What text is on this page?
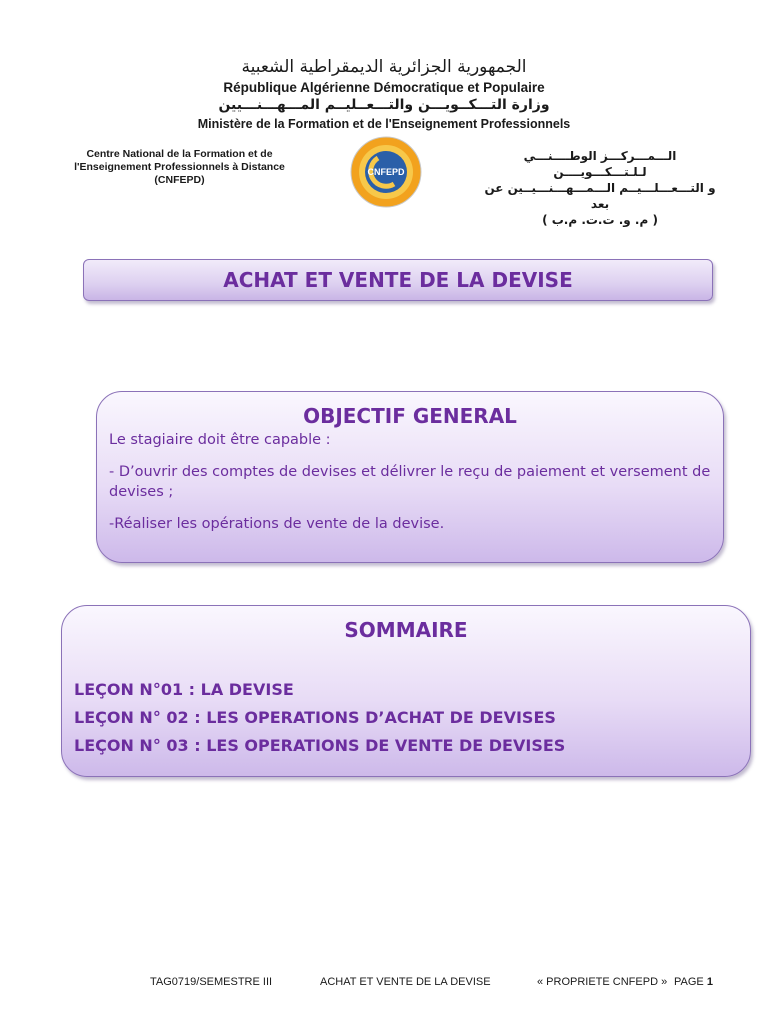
الجمهورية الجزائرية الديمقراطية الشعبية
République Algérienne Démocratique et Populaire
وزارة التـــكــويـــن والتـــعــليــم المـــهـــنـــيين
Ministère de la Formation et de l'Enseignement Professionnels
Centre National de la Formation et de
l'Enseignement Professionnels à Distance
(CNFEPD)
CNFEPD
الـــمـــركـــز الوطــــنـــي لـلـتـــكـــويــــن
و التـــعـــلـــيــم الـــمـــهـــنـــيــين عن بعد
( م. و. ت.ت. م.ب )
ACHAT ET VENTE DE LA DEVISE

OBJECTIF GENERAL

Le stagiaire doit être capable :

- D’ouvrir des comptes de devises et délivrer le reçu de paiement et versement de devises ;

-Réaliser les opérations de vente de la devise.

SOMMAIRE

LEÇON N°01 : LA DEVISE

LEÇON N° 02 : LES OPERATIONS D’ACHAT DE DEVISES

LEÇON N° 03 : LES OPERATIONS DE VENTE DE DEVISES

TAG0719/SEMESTRE III	ACHAT ET VENTE DE LA DEVISE	« PROPRIETE CNFEPD » PAGE 1
